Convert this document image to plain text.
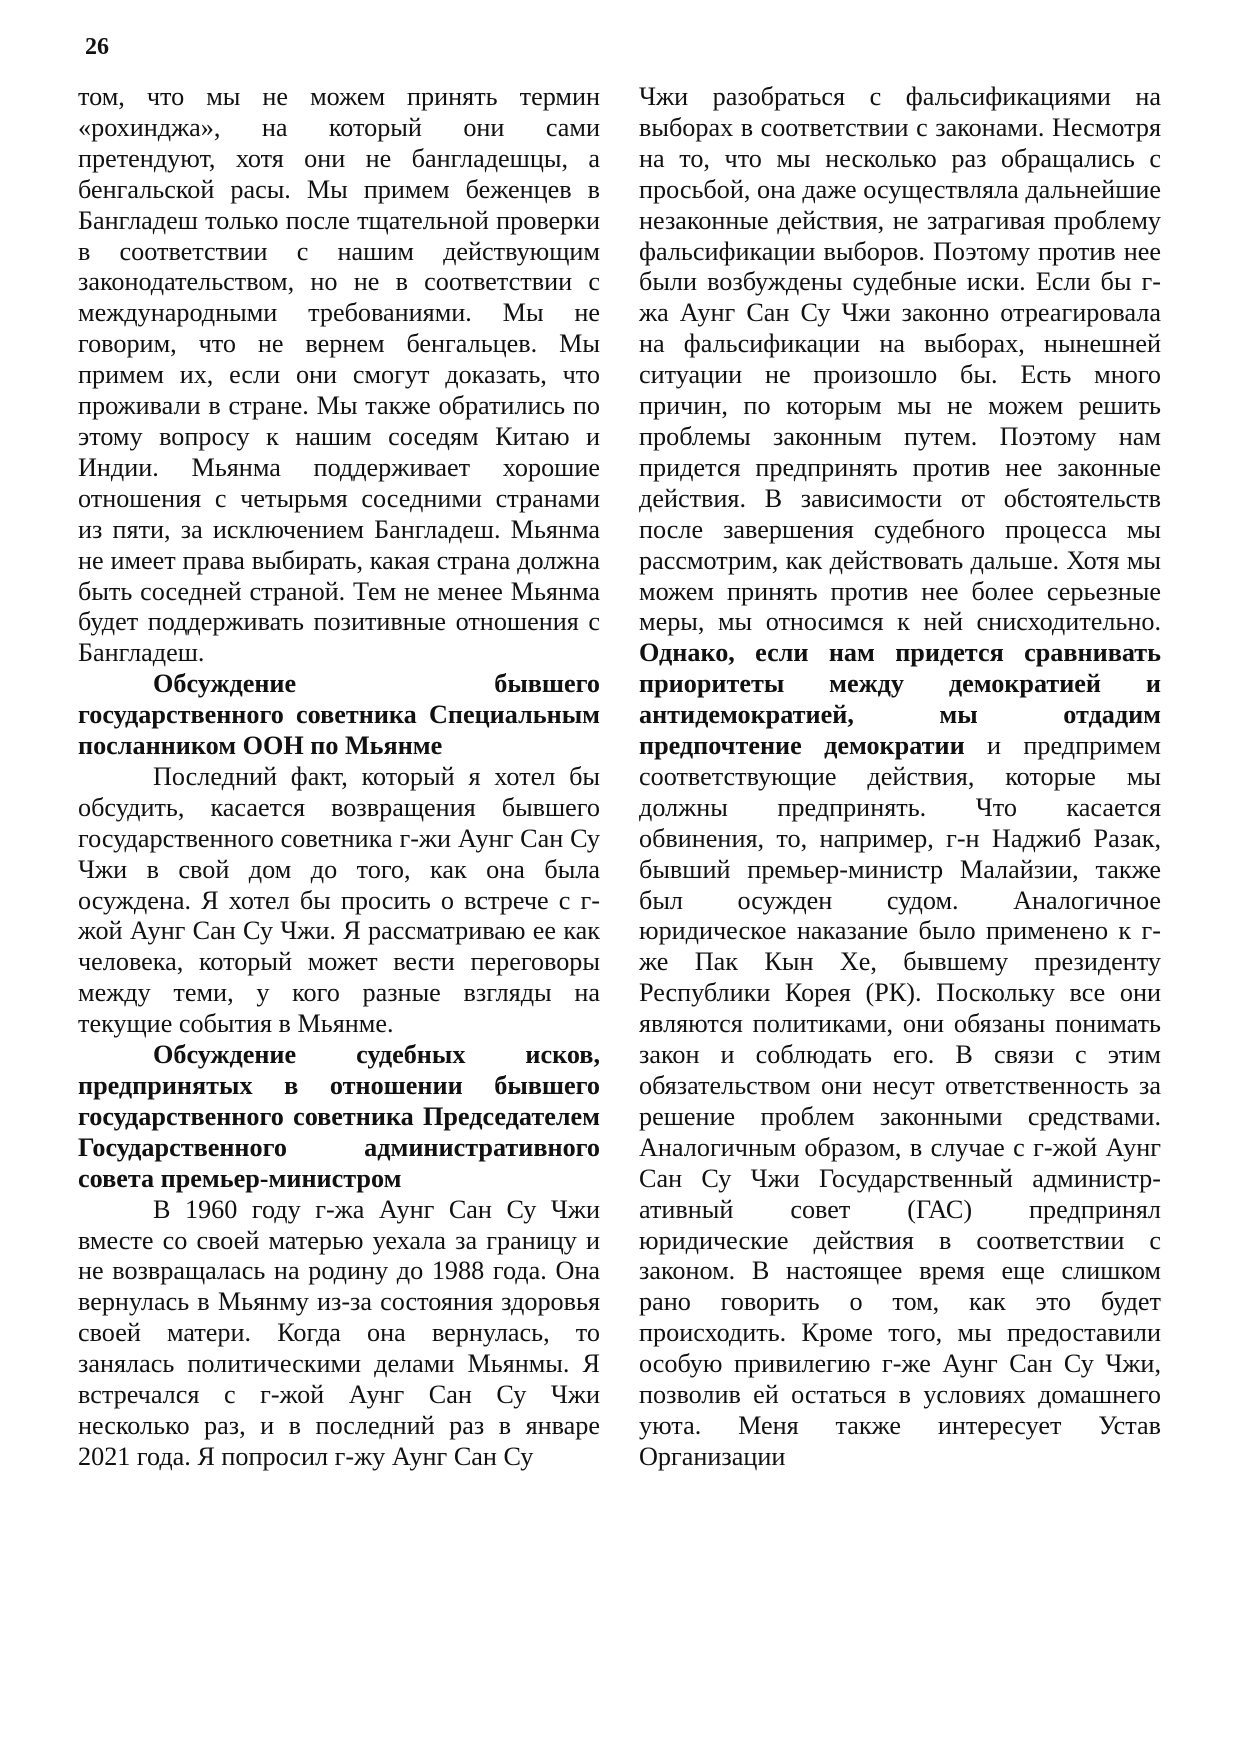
26

том, что мы не можем принять термин «рохинджа», на который они сами претендуют, хотя они не бангладешцы, а бенгальской расы. Мы примем беженцев в Бангладеш только после тщательной проверки в соответствии с нашим действующим законодательством, но не в соответствии с международными требованиями. Мы не говорим, что не вернем бенгальцев. Мы примем их, если они смогут доказать, что проживали в стране. Мы также обратились по этому вопросу к нашим соседям Китаю и Индии. Мьянма поддерживает хорошие отношения с четырьмя соседними странами из пяти, за исключением Бангладеш. Мьянма не имеет права выбирать, какая страна должна быть соседней страной. Тем не менее Мьянма будет поддерживать позитивные отношения с Бангладеш.

Обсуждение бывшего государственного советника Специальным посланником ООН по Мьянме

Последний факт, который я хотел бы обсудить, касается возвращения бывшего государственного советника г-жи Аунг Сан Су Чжи в свой дом до того, как она была осуждена. Я хотел бы просить о встрече с г-жой Аунг Сан Су Чжи. Я рассматриваю ее как человека, который может вести переговоры между теми, у кого разные взгляды на текущие события в Мьянме.

Обсуждение судебных исков, предпринятых в отношении бывшего государственного советника Председателем Государственного административного совета премьер-министром

В 1960 году г-жа Аунг Сан Су Чжи вместе со своей матерью уехала за границу и не возвращалась на родину до 1988 года. Она вернулась в Мьянму из-за состояния здоровья своей матери. Когда она вернулась, то занялась политическими делами Мьянмы. Я встречался с г-жой Аунг Сан Су Чжи несколько раз, и в последний раз в январе 2021 года. Я попросил г-жу Аунг Сан Су

Чжи разобраться с фальсификациями на выборах в соответствии с законами. Несмотря на то, что мы несколько раз обращались с просьбой, она даже осуществляла дальнейшие незаконные действия, не затрагивая проблему фальсификации выборов. Поэтому против нее были возбуждены судебные иски. Если бы г-жа Аунг Сан Су Чжи законно отреагировала на фальсификации на выборах, нынешней ситуации не произошло бы. Есть много причин, по которым мы не можем решить проблемы законным путем. Поэтому нам придется предпринять против нее законные действия. В зависимости от обстоятельств после завершения судебного процесса мы рассмотрим, как действовать дальше. Хотя мы можем принять против нее более серьезные меры, мы относимся к ней снисходительно. Однако, если нам придется сравнивать приоритеты между демократией и антидемократией, мы отдадим предпочтение демократии и предпримем соответствующие действия, которые мы должны предпринять. Что касается обвинения, то, например, г-н Наджиб Разак, бывший премьер-министр Малайзии, также был осужден судом. Аналогичное юридическое наказание было применено к г-же Пак Кын Хе, бывшему президенту Республики Корея (РК). Поскольку все они являются политиками, они обязаны понимать закон и соблюдать его. В связи с этим обязательством они несут ответственность за решение проблем законными средствами. Аналогичным образом, в случае с г-жой Аунг Сан Су Чжи Государственный администр-ативный совет (ГАС) предпринял юридические действия в соответствии с законом. В настоящее время еще слишком рано говорить о том, как это будет происходить. Кроме того, мы предоставили особую привилегию г-же Аунг Сан Су Чжи, позволив ей остаться в условиях домашнего уюта. Меня также интересует Устав Организации
